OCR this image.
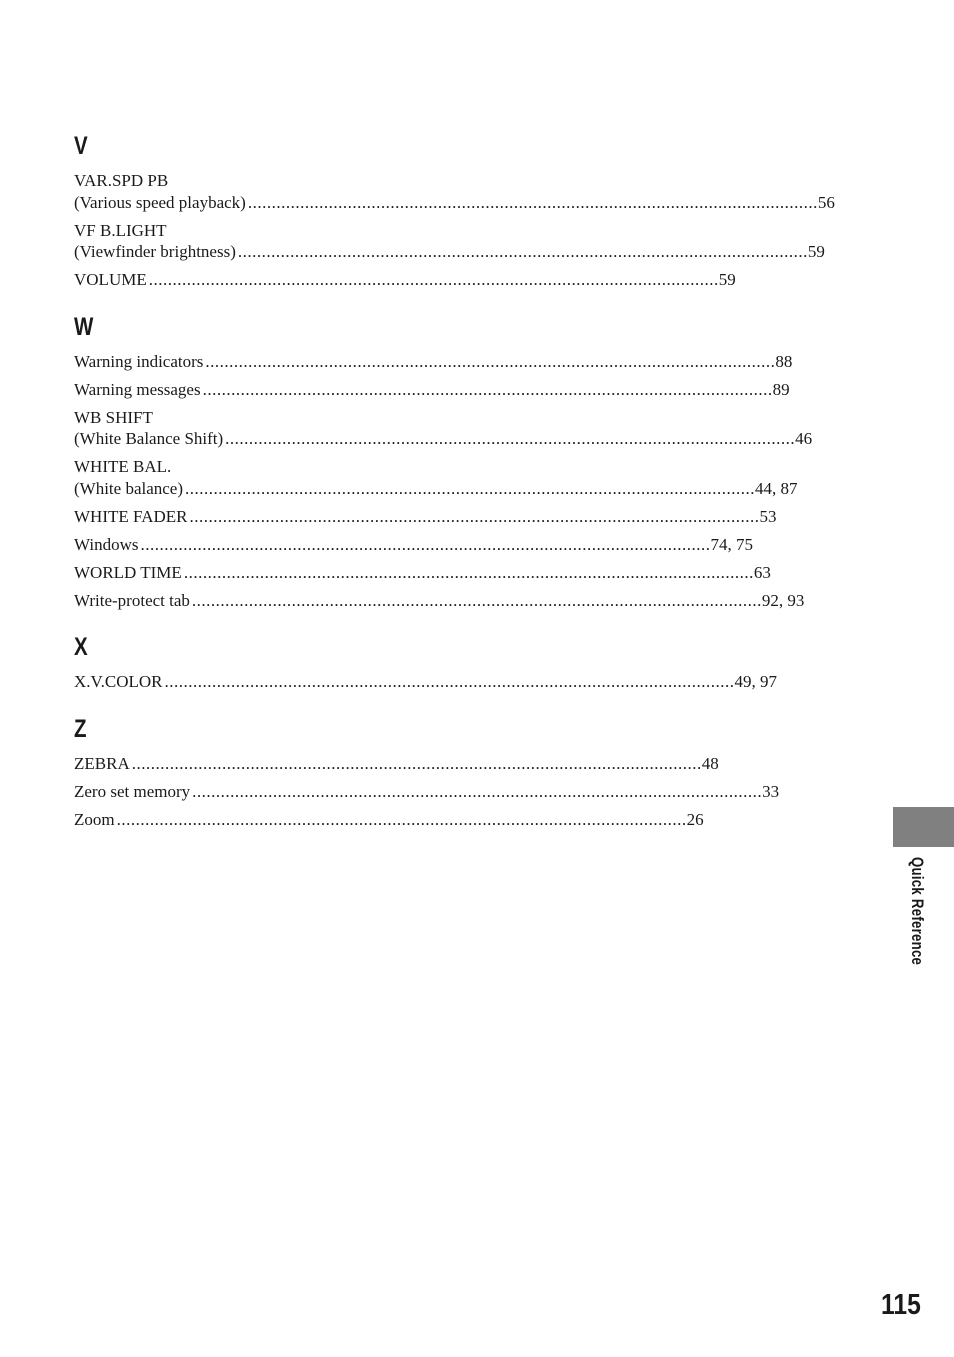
V
VAR.SPD PB
(Various speed playback) ........................................................................................................................ 56
VF B.LIGHT
(Viewfinder brightness) ........................................................................................................................ 59
VOLUME ........................................................................................................................ 59
W
Warning indicators ........................................................................................................................ 88
Warning messages ........................................................................................................................ 89
WB SHIFT
(White Balance Shift) ........................................................................................................................ 46
WHITE BAL.
(White balance) ........................................................................................................................ 44, 87
WHITE FADER ........................................................................................................................ 53
Windows ........................................................................................................................ 74, 75
WORLD TIME ........................................................................................................................ 63
Write-protect tab ........................................................................................................................ 92, 93
X
X.V.COLOR ........................................................................................................................ 49, 97
Z
ZEBRA ........................................................................................................................ 48
Zero set memory ........................................................................................................................ 33
Zoom ........................................................................................................................ 26
Quick Reference
115
